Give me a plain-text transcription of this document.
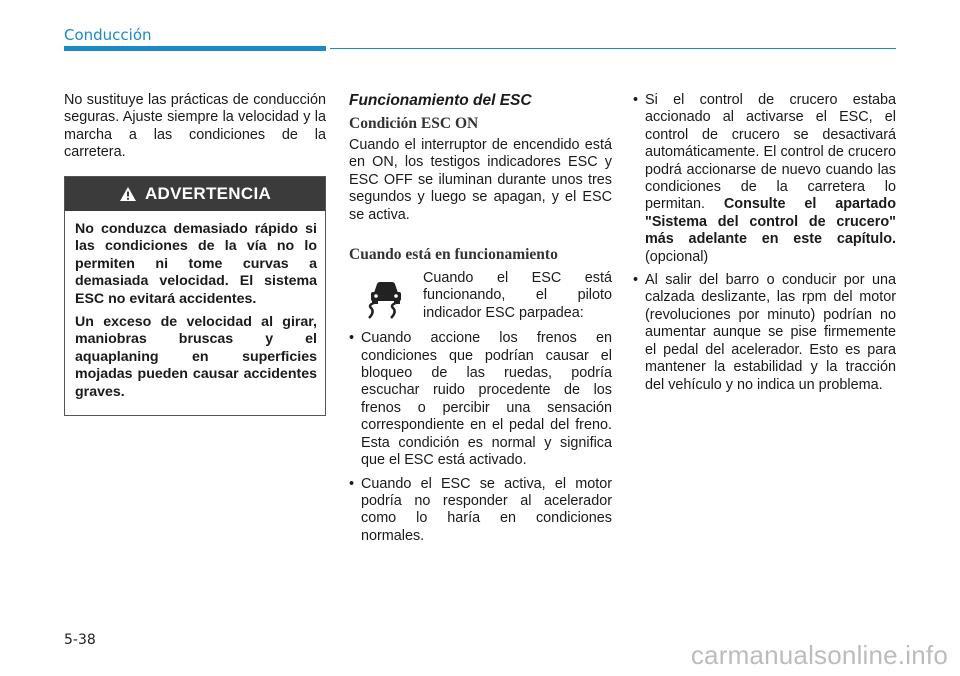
Conducción

No sustituye las prácticas de conducción seguras. Ajuste siempre la velocidad y la marcha a las condiciones de la carretera.

ADVERTENCIA

No conduzca demasiado rápido si las condiciones de la vía no lo permiten ni tome curvas a demasiada velocidad. El sistema ESC no evitará accidentes.

Un exceso de velocidad al girar, maniobras bruscas y el aquaplaning en superficies mojadas pueden causar accidentes graves.

Funcionamiento del ESC
Condición ESC ON

Cuando el interruptor de encendido está en ON, los testigos indicadores ESC y ESC OFF se iluminan durante unos tres segundos y luego se apagan, y el ESC se activa.

Cuando está en funcionamiento

Cuando el ESC está funcionando, el piloto indicador ESC parpadea:

• Cuando accione los frenos en condiciones que podrían causar el bloqueo de las ruedas, podría escuchar ruido procedente de los frenos o percibir una sensación correspondiente en el pedal del freno. Esta condición es normal y significa que el ESC está activado.

• Cuando el ESC se activa, el motor podría no responder al acelerador como lo haría en condiciones normales.

• Si el control de crucero estaba accionado al activarse el ESC, el control de crucero se desactivará automáticamente. El control de crucero podrá accionarse de nuevo cuando las condiciones de la carretera lo permitan. Consulte el apartado "Sistema del control de crucero" más adelante en este capítulo. (opcional)

• Al salir del barro o conducir por una calzada deslizante, las rpm del motor (revoluciones por minuto) podrían no aumentar aunque se pise firmemente el pedal del acelerador. Esto es para mantener la estabilidad y la tracción del vehículo y no indica un problema.

5-38	carmanualsonline.info
